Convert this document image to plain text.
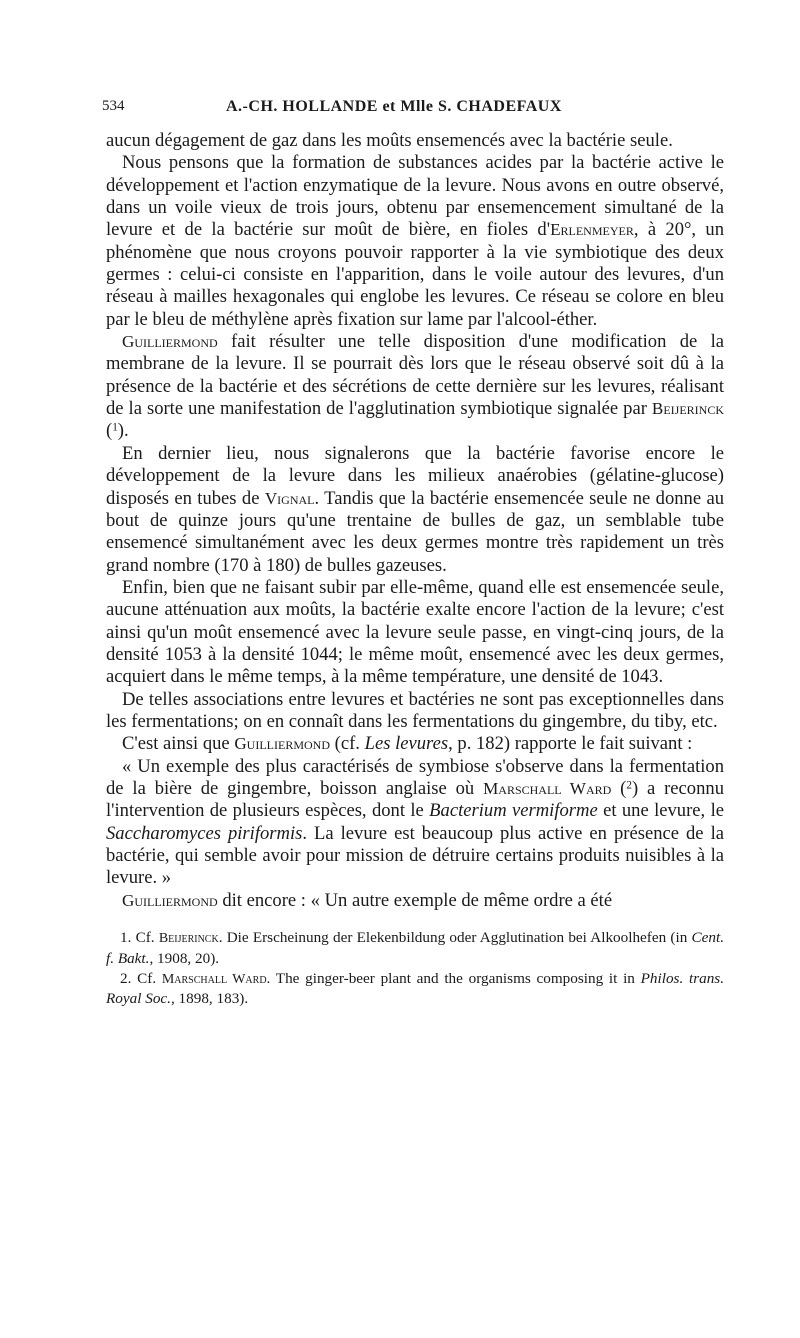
534	A.-CH. HOLLANDE et Mlle S. CHADEFAUX

aucun dégagement de gaz dans les moûts ensemencés avec la bactérie seule.

Nous pensons que la formation de substances acides par la bactérie active le développement et l'action enzymatique de la levure. Nous avons en outre observé, dans un voile vieux de trois jours, obtenu par ensemencement simultané de la levure et de la bactérie sur moût de bière, en fioles d'Erlenmeyer, à 20°, un phénomène que nous croyons pouvoir rapporter à la vie symbiotique des deux germes : celui-ci consiste en l'apparition, dans le voile autour des levures, d'un réseau à mailles hexagonales qui englobe les levures. Ce réseau se colore en bleu par le bleu de méthylène après fixation sur lame par l'alcool-éther.

Guilliermond fait résulter une telle disposition d'une modification de la membrane de la levure. Il se pourrait dès lors que le réseau observé soit dû à la présence de la bactérie et des sécrétions de cette dernière sur les levures, réalisant de la sorte une manifestation de l'agglutination symbiotique signalée par Beijerinck ($^1$).

En dernier lieu, nous signalerons que la bactérie favorise encore le développement de la levure dans les milieux anaérobies (gélatine-glucose) disposés en tubes de Vignal. Tandis que la bactérie ensemencée seule ne donne au bout de quinze jours qu'une trentaine de bulles de gaz, un semblable tube ensemencé simultanément avec les deux germes montre très rapidement un très grand nombre (170 à 180) de bulles gazeuses.

Enfin, bien que ne faisant subir par elle-même, quand elle est ensemencée seule, aucune atténuation aux moûts, la bactérie exalte encore l'action de la levure; c'est ainsi qu'un moût ensemencé avec la levure seule passe, en vingt-cinq jours, de la densité 1053 à la densité 1044; le même moût, ensemencé avec les deux germes, acquiert dans le même temps, à la même température, une densité de 1043.

De telles associations entre levures et bactéries ne sont pas exceptionnelles dans les fermentations; on en connaît dans les fermentations du gingembre, du tiby, etc.

C'est ainsi que Guilliermond (cf. Les levures, p. 182) rapporte le fait suivant :

« Un exemple des plus caractérisés de symbiose s'observe dans la fermentation de la bière de gingembre, boisson anglaise où Marschall Ward ($^2$) a reconnu l'intervention de plusieurs espèces, dont le Bacterium vermiforme et une levure, le Saccharomyces piriformis. La levure est beaucoup plus active en présence de la bactérie, qui semble avoir pour mission de détruire certains produits nuisibles à la levure. »

Guilliermond dit encore : « Un autre exemple de même ordre a été

1. Cf. Beijerinck. Die Erscheinung der Elekenbildung oder Agglutination bei Alkoolhefen (in Cent. f. Bakt., 1908, 20).

2. Cf. Marschall Ward. The ginger-beer plant and the organisms composing it in Philos. trans. Royal Soc., 1898, 183).
